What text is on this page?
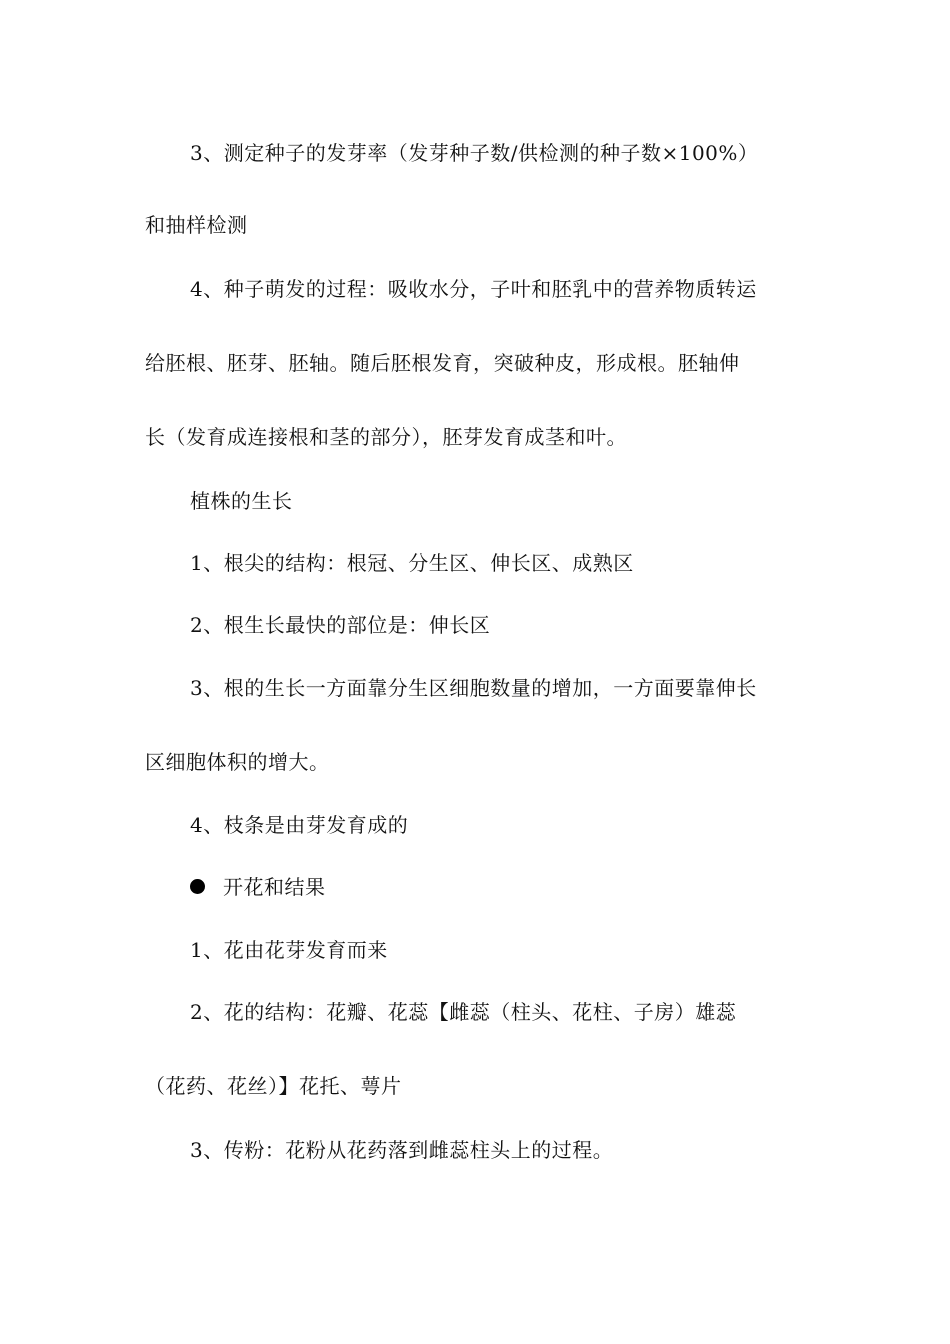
3、测定种子的发芽率（发芽种子数/供检测的种子数×100%）
和抽样检测
4、种子萌发的过程：吸收水分，子叶和胚乳中的营养物质转运
给胚根、胚芽、胚轴。随后胚根发育，突破种皮，形成根。胚轴伸
长（发育成连接根和茎的部分），胚芽发育成茎和叶。
植株的生长
1、根尖的结构：根冠、分生区、伸长区、成熟区
2、根生长最快的部位是：伸长区
3、根的生长一方面靠分生区细胞数量的增加，一方面要靠伸长
区细胞体积的增大。
4、枝条是由芽发育成的
开花和结果
1、花由花芽发育而来
2、花的结构：花瓣、花蕊【雌蕊（柱头、花柱、子房）雄蕊
（花药、花丝）】花托、萼片
3、传粉：花粉从花药落到雌蕊柱头上的过程。
